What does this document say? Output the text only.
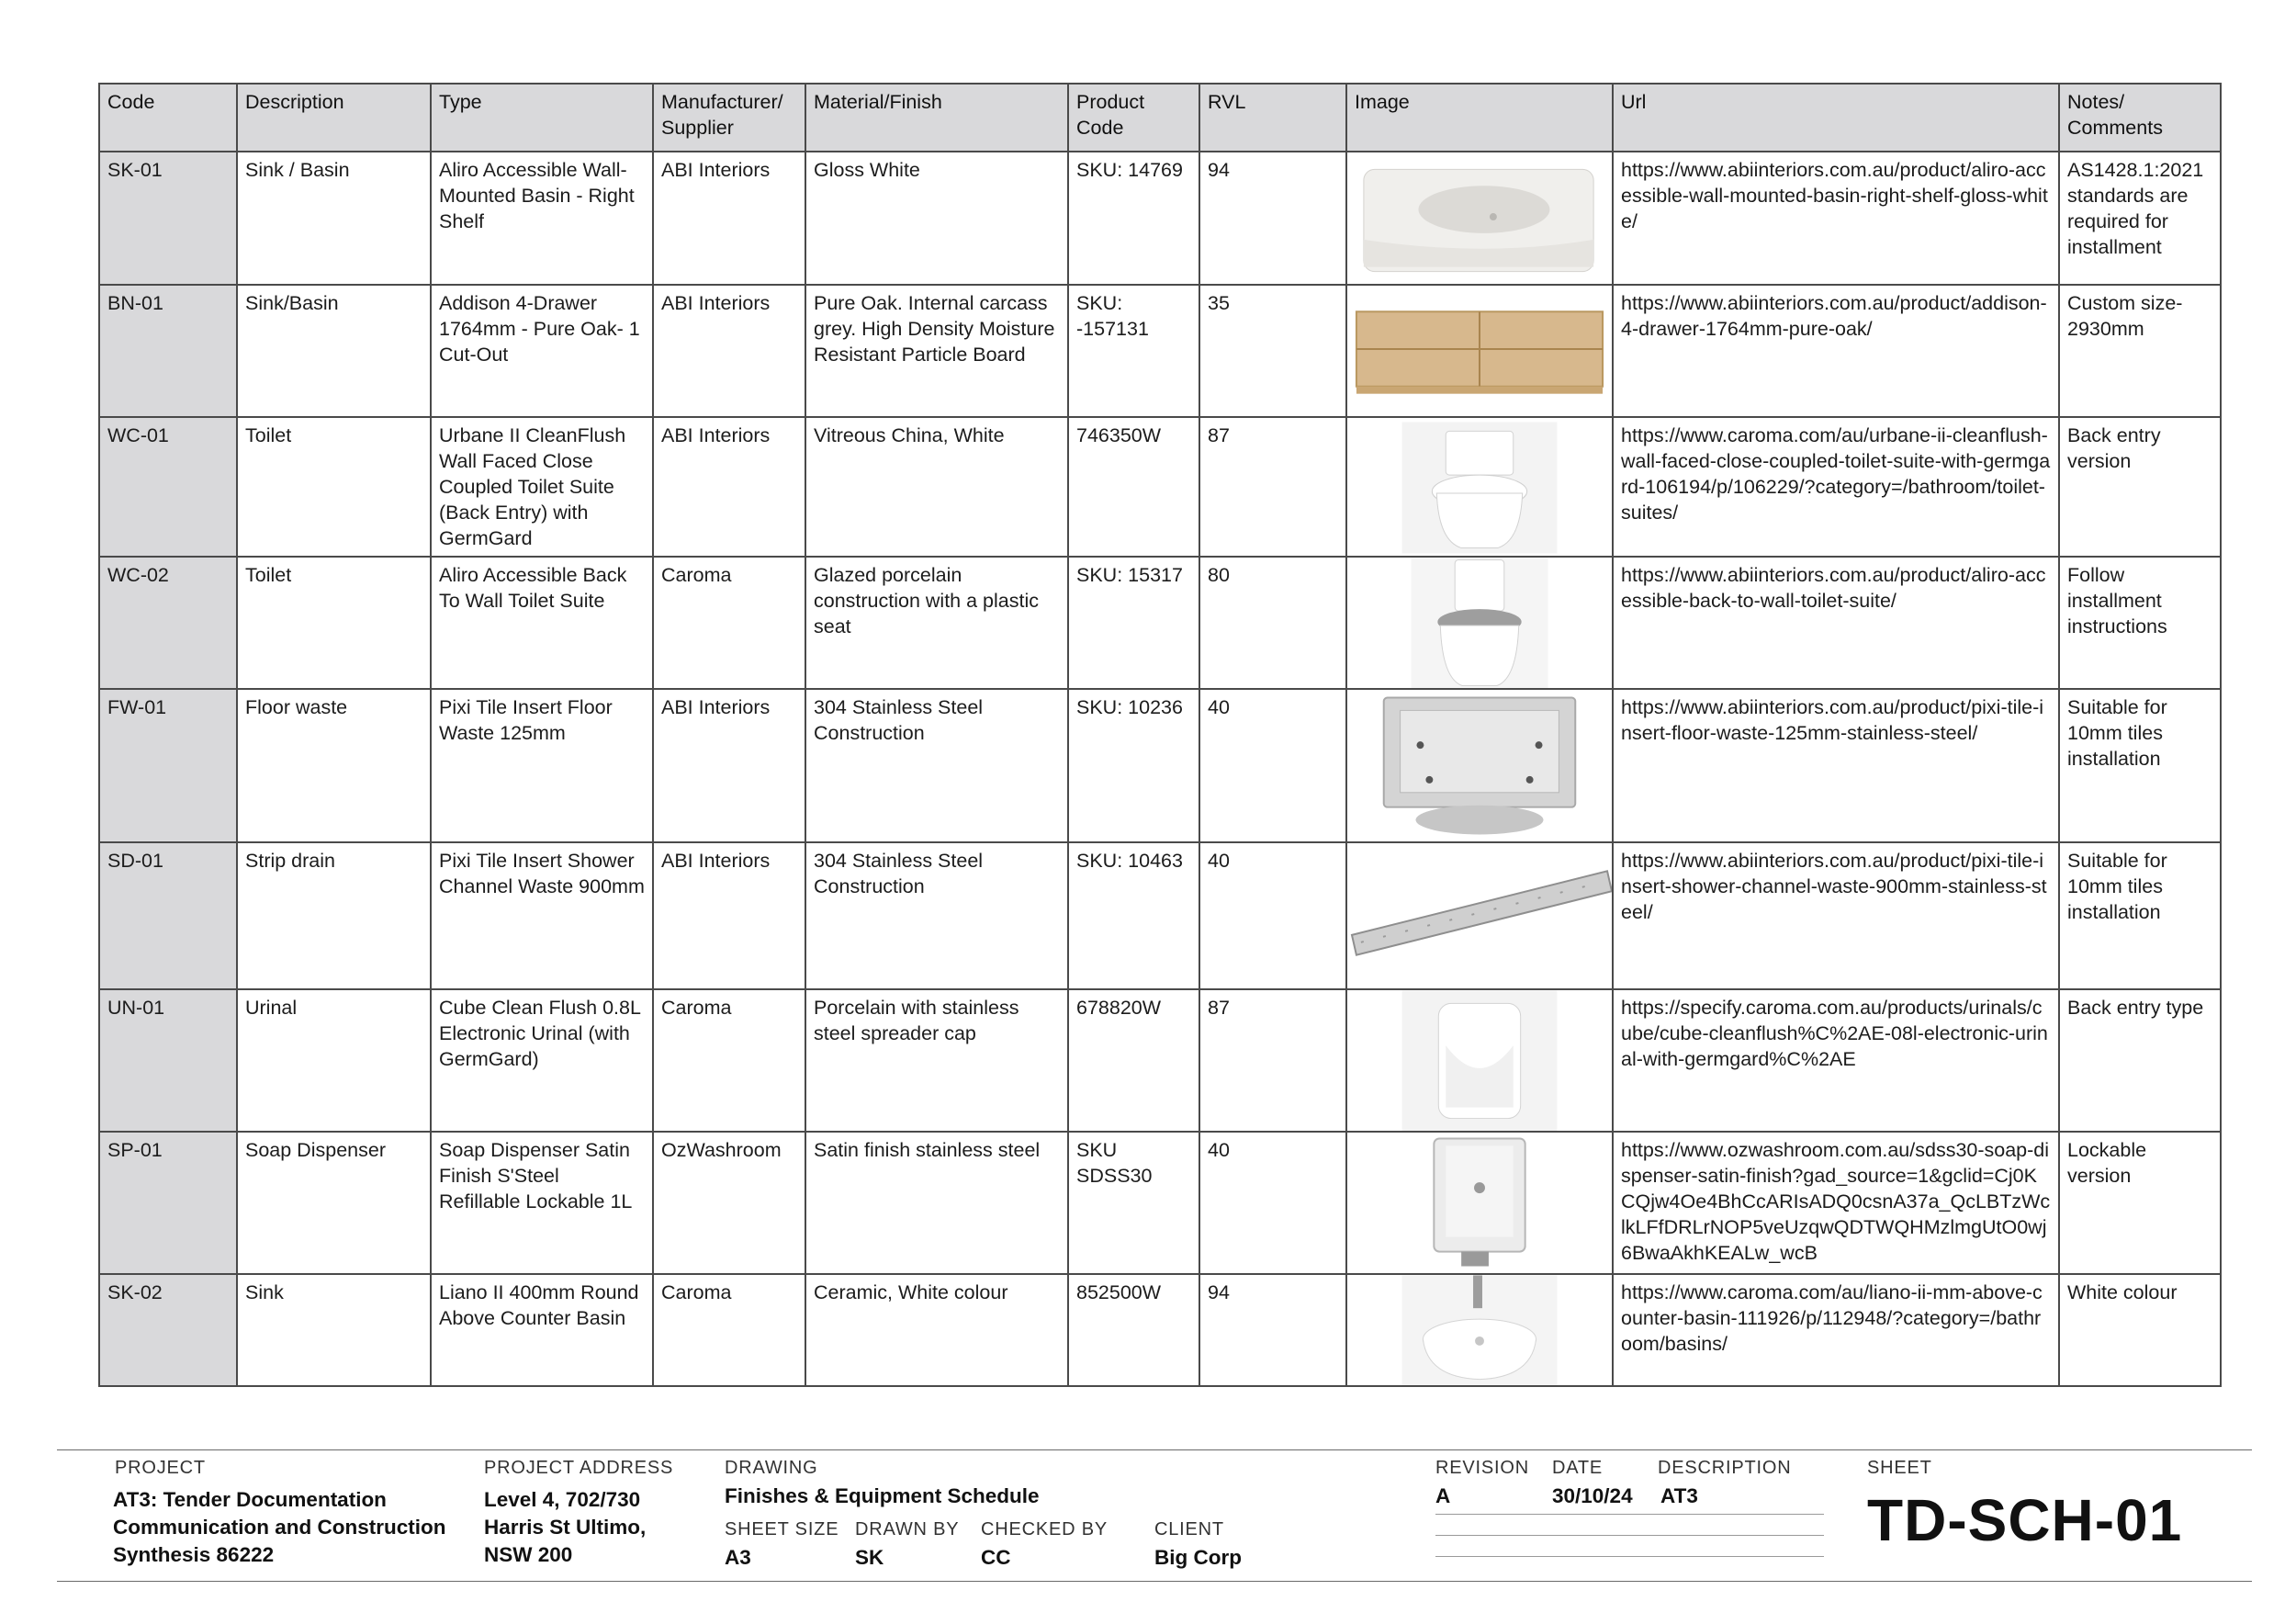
Code	Description	Type	Manufacturer/ Supplier	Material/Finish	Product Code	RVL	Image	Url	Notes/ Comments
SK-01	Sink / Basin	Aliro Accessible Wall-Mounted Basin - Right Shelf	ABI Interiors	Gloss White	SKU: 14769	94		https://www.abiinteriors.com.au/product/aliro-accessible-wall-mounted-basin-right-shelf-gloss-white/	AS1428.1:2021 standards are required for installment
BN-01	Sink/Basin	Addison 4-Drawer 1764mm - Pure Oak- 1 Cut-Out	ABI Interiors	Pure Oak. Internal carcass grey. High Density Moisture Resistant Particle Board	SKU: -157131	35		https://www.abiinteriors.com.au/product/addison-4-drawer-1764mm-pure-oak/	Custom size- 2930mm
WC-01	Toilet	Urbane II CleanFlush Wall Faced Close Coupled Toilet Suite (Back Entry) with GermGard	ABI Interiors	Vitreous China, White	746350W	87		https://www.caroma.com/au/urbane-ii-cleanflush-wall-faced-close-coupled-toilet-suite-with-germgard-106194/p/106229/?category=/bathroom/toilet-suites/	Back entry version
WC-02	Toilet	Aliro Accessible Back To Wall Toilet Suite	Caroma	Glazed porcelain construction with a plastic seat	SKU: 15317	80		https://www.abiinteriors.com.au/product/aliro-accessible-back-to-wall-toilet-suite/	Follow installment instructions
FW-01	Floor waste	Pixi Tile Insert Floor Waste 125mm	ABI Interiors	304 Stainless Steel Construction	SKU: 10236	40		https://www.abiinteriors.com.au/product/pixi-tile-insert-floor-waste-125mm-stainless-steel/	Suitable for 10mm tiles installation
SD-01	Strip drain	Pixi Tile Insert Shower Channel Waste 900mm	ABI Interiors	304 Stainless Steel Construction	SKU: 10463	40		https://www.abiinteriors.com.au/product/pixi-tile-insert-shower-channel-waste-900mm-stainless-steel/	Suitable for 10mm tiles installation
UN-01	Urinal	Cube Clean Flush 0.8L Electronic Urinal (with GermGard)	Caroma	Porcelain with stainless steel spreader cap	678820W	87		https://specify.caroma.com.au/products/urinals/cube/cube-cleanflush%C%2AE-08l-electronic-urinal-with-germgard%C%2AE	Back entry type
SP-01	Soap Dispenser	Soap Dispenser Satin Finish S'Steel Refillable Lockable 1L	OzWashroom	Satin finish stainless steel	SKU SDSS30	40		https://www.ozwashroom.com.au/sdss30-soap-dispenser-satin-finish?gad_source=1&gclid=Cj0KCQjw4Oe4BhCcARIsADQ0csnA37a_QcLBTzWclkLFfDRLrNOP5veUzqwQDTWQHMzlmgUtO0wj6BwaAkhKEALw_wcB	Lockable version
SK-02	Sink	Liano II 400mm Round Above Counter Basin	Caroma	Ceramic, White colour	852500W	94		https://www.caroma.com/au/liano-ii-mm-above-counter-basin-111926/p/112948/?category=/bathroom/basins/	White colour
PROJECT
AT3: Tender Documentation Communication and Construction Synthesis 86222
PROJECT ADDRESS
Level 4, 702/730 Harris St Ultimo, NSW 200
DRAWING
Finishes & Equipment Schedule
SHEET SIZE
A3
DRAWN BY
SK
CHECKED BY
CC
CLIENT
Big Corp
REVISION
A
DATE
30/10/24
DESCRIPTION
AT3
SHEET
TD-SCH-01
